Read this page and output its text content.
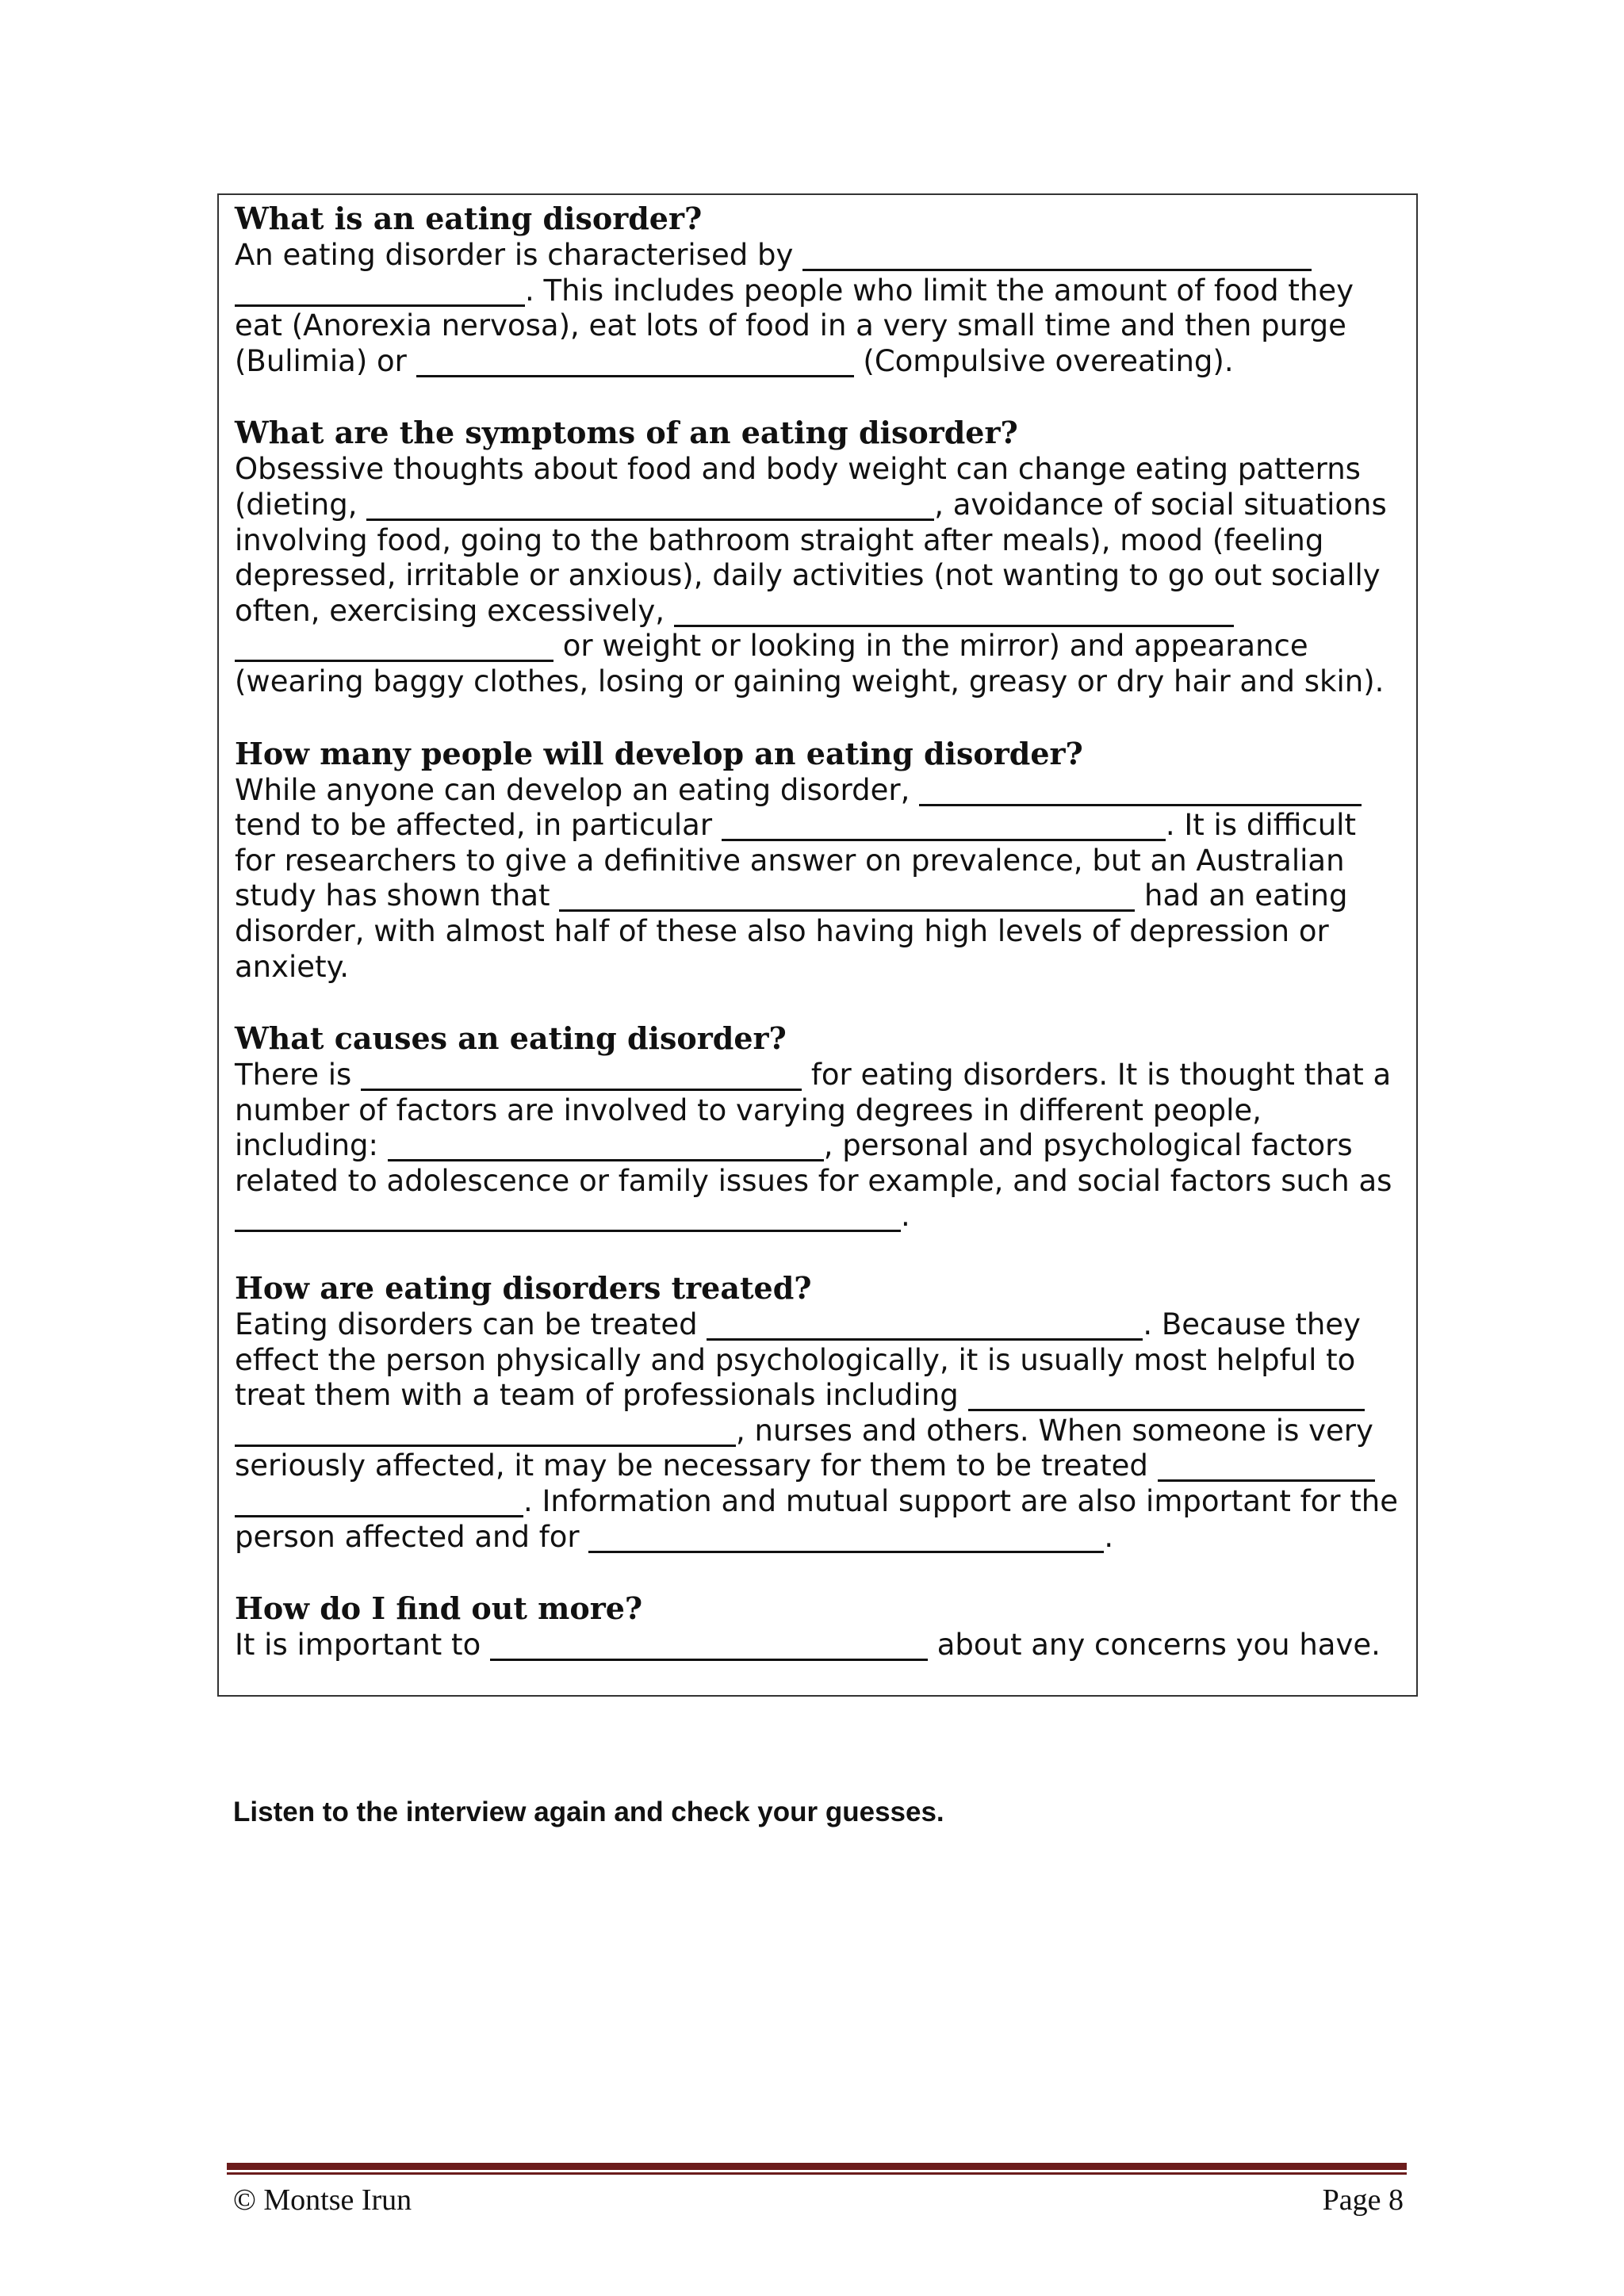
What is an eating disorder?

An eating disorder is characterised by
. This includes people who limit the amount of food they eat (Anorexia nervosa), eat lots of food in a very small time and then purge (Bulimia) or	(Compulsive overeating).

What are the symptoms of an eating disorder?

Obsessive thoughts about food and body weight can change eating patterns (dieting,	, avoidance of social situations involving food, going to the bathroom straight after meals), mood (feeling depressed, irritable or anxious), daily activities (not wanting to go out socially often, exercising excessively,
or weight or looking in the mirror) and appearance (wearing baggy clothes, losing or gaining weight, greasy or dry hair and skin).

How many people will develop an eating disorder?

While anyone can develop an eating disorder,  tend to be affected, in particular	. It is difficult for researchers to give a definitive answer on prevalence, but an Australian study has shown that	had an eating disorder, with almost half of these also having high levels of depression or anxiety.

What causes an eating disorder?

There is	for eating disorders. It is thought that a number of factors are involved to varying degrees in different people, including:	, personal and psychological factors related to adolescence or family issues for example, and social factors such as .

How are eating disorders treated?

Eating disorders can be treated	. Because they effect the person physically and psychologically, it is usually most helpful to treat them with a team of professionals including
, nurses and others. When someone is very seriously affected, it may be necessary for them to be treated
. Information and mutual support are also important for the person affected and for	.

How do I find out more?

It is important to	about any concerns you have.

Listen to the interview again and check your guesses.

© Montse Irun	Page 8
